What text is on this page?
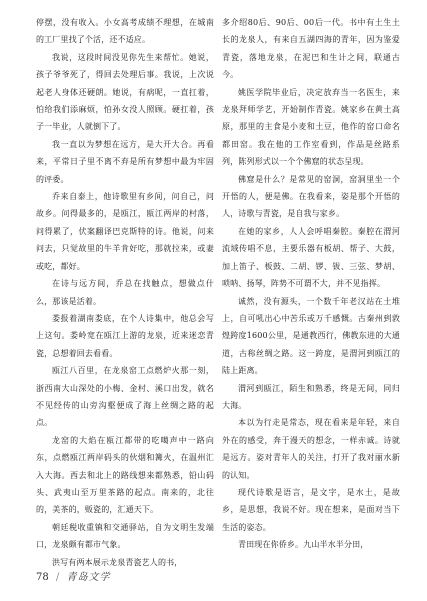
停摆，没有收入。小女高考成绩不理想，在城南的工厂里找了个活，还不适应。

我说，这段时间没见你先生来帮忙。她说，孩子爷爷死了，得回去处理后事。我说，上次说起老人身体还硬朗。她说，有病呢，一直扛着，怕给我们添麻烦，怕孙女没人照顾。硬扛着，孩子一毕业，人就倒下了。

我一直以为梦想在远方，是大开大合。再看来，平常日子里不离不弃是所有梦想中最为牢固的评委。

乔来自泰上，他诗歌里有乡间，问自己，问故乡。问得最多的，是瓯江，瓯江两岸的村落，问得累了，伏案翻译巴克斯特的诗。他说，问来问去，只觉故里的牛羊肯好吃，那就拉来，或妻或吃，都好。

在诗与远方间，乔总在找触点，想做点什么，那该是活着。

娄报着湖南娄底，在个人诗集中，他总会写上这句。娄岭宽在瓯江上游的龙泉，近来迷恋青瓷，总想着回去看看。

瓯江八百里，在龙泉窑工点燃炉火那一刻，浙西南大山深处的小梅、金村、溪口出发，就名不见经传的山旁沟壑便成了海上丝绸之路的起点。

龙窑的大焰在瓯江都带的吃噶声中一路向东，点燃瓯江两岸码头的伙烟和篝火，在温州汇入大海。西去和北上的路线想来都熟悉，铅山码头、武夷山至万里茶路的起点。南来的，北往的，美茶的，贩瓷的，汇通天下。

朝廷税收重镇和交通驿站，自为文明生发端口，龙泉颇有都市气象。

洪写有两本展示龙泉青瓷艺人的书，

多介绍80后、90后、00后一代。书中有土生土长的龙泉人，有来自五湖四海的青年，因为鉴爱青瓷，落地龙泉，在泥巴和生计之间，联通古今。

姚医学院毕业后，决定放弃当一名医生，来龙泉拜师学艺，开始制作青瓷。姚家乡在黄土高原，那里的主食是小麦和土豆，他作的窑口命名都田窑。我在他的工作室看到，作品是丝路系列，陈列形式以一个个佛窟的状态呈现。

佛窟是什么？是常见的窑洞，窑洞里坐一个开悟的人，便是佛。在我看来，姿是那个开悟的人，诗歌与青瓷，是自我与家乡。

在她的家乡，人人会呼唱秦腔。秦腔在渭河流域传唱不息，主要乐器有板胡、帮子、大鼓，加上笛子、板鼓、二胡、锣、钹、三弦、梦胡、唢呐、扬琴，阵势不可谓不大，并不见指挥。

诚然，没有源头，一个数千年老汉站在土堆上，自可吼出心中苦乐或万千感慨。古秦州到敦煌跨度1600公里，是通教西行，佛教东进的大通道，古称丝绸之路。这一跨度，是渭河到瓯江的陆上距离。

渭河到瓯江，陌生和熟悉，终是无间，同归大海。

本以为行走是常态，现在看来是年轻，来自外在的感受，奔于漫天的想念，一样赤诚。诗就是远方。姿对青年人的关注，打开了我对丽水新的认知。

现代诗歌是语言，是文字，是水土，是故乡，是思想，我说不好。现在想来，是面对当下生活的姿态。

青田现在你侨乡。九山半水半分田，

78 / 青岛文学
